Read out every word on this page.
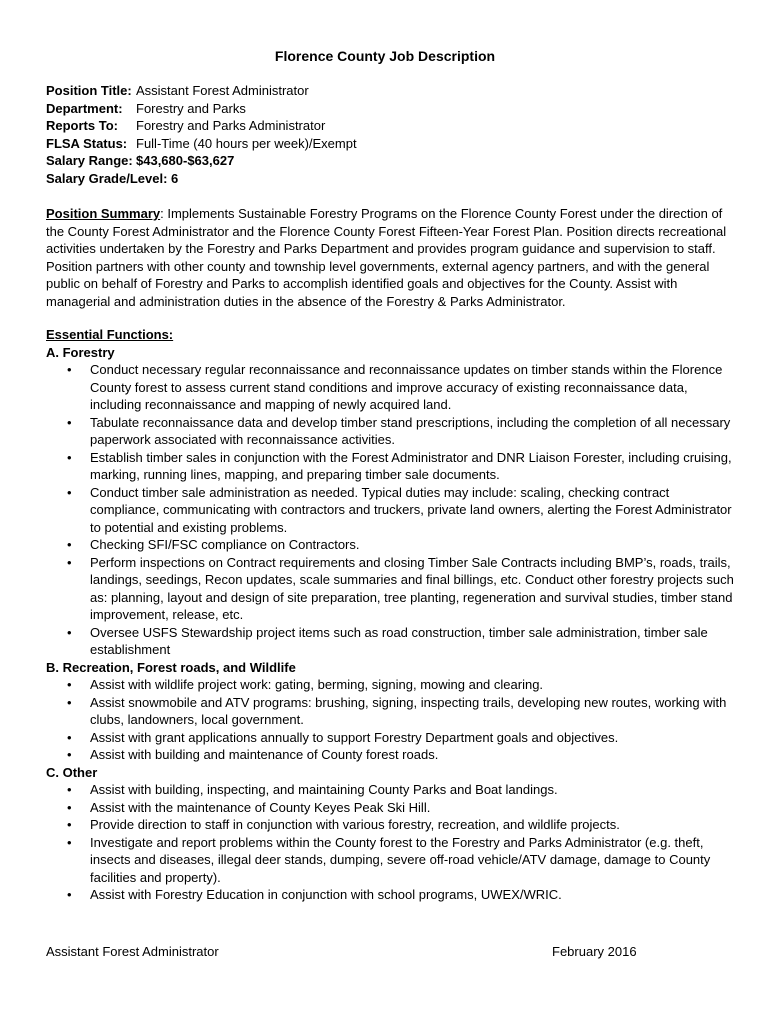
Florence County Job Description
Position Title: Assistant Forest Administrator
Department: Forestry and Parks
Reports To: Forestry and Parks Administrator
FLSA Status: Full-Time (40 hours per week)/Exempt
Salary Range: $43,680-$63,627
Salary Grade/Level: 6
Position Summary: Implements Sustainable Forestry Programs on the Florence County Forest under the direction of the County Forest Administrator and the Florence County Forest Fifteen-Year Forest Plan. Position directs recreational activities undertaken by the Forestry and Parks Department and provides program guidance and supervision to staff. Position partners with other county and township level governments, external agency partners, and with the general public on behalf of Forestry and Parks to accomplish identified goals and objectives for the County. Assist with managerial and administration duties in the absence of the Forestry & Parks Administrator.
Essential Functions:
A. Forestry
• Conduct necessary regular reconnaissance and reconnaissance updates on timber stands within the Florence County forest to assess current stand conditions and improve accuracy of existing reconnaissance data, including reconnaissance and mapping of newly acquired land.
• Tabulate reconnaissance data and develop timber stand prescriptions, including the completion of all necessary paperwork associated with reconnaissance activities.
• Establish timber sales in conjunction with the Forest Administrator and DNR Liaison Forester, including cruising, marking, running lines, mapping, and preparing timber sale documents.
• Conduct timber sale administration as needed. Typical duties may include: scaling, checking contract compliance, communicating with contractors and truckers, private land owners, alerting the Forest Administrator to potential and existing problems.
• Checking SFI/FSC compliance on Contractors.
• Perform inspections on Contract requirements and closing Timber Sale Contracts including BMP’s, roads, trails, landings, seedings, Recon updates, scale summaries and final billings, etc. Conduct other forestry projects such as: planning, layout and design of site preparation, tree planting, regeneration and survival studies, timber stand improvement, release, etc.
• Oversee USFS Stewardship project items such as road construction, timber sale administration, timber sale establishment
B. Recreation, Forest roads, and Wildlife
• Assist with wildlife project work: gating, berming, signing, mowing and clearing.
• Assist snowmobile and ATV programs: brushing, signing, inspecting trails, developing new routes, working with clubs, landowners, local government.
• Assist with grant applications annually to support Forestry Department goals and objectives.
• Assist with building and maintenance of County forest roads.
C. Other
• Assist with building, inspecting, and maintaining County Parks and Boat landings.
• Assist with the maintenance of County Keyes Peak Ski Hill.
• Provide direction to staff in conjunction with various forestry, recreation, and wildlife projects.
• Investigate and report problems within the County forest to the Forestry and Parks Administrator (e.g. theft, insects and diseases, illegal deer stands, dumping, severe off-road vehicle/ATV damage, damage to County facilities and property).
• Assist with Forestry Education in conjunction with school programs, UWEX/WRIC.
Assistant Forest Administrator	February 2016
